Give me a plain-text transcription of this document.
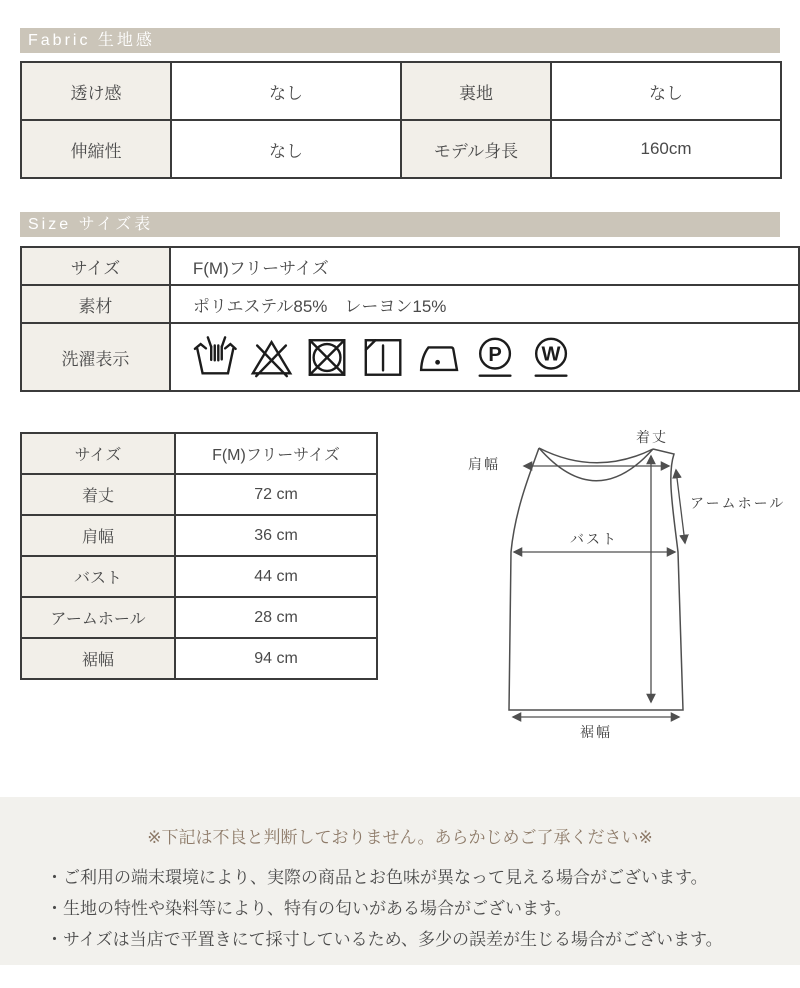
Fabric 生地感
透け感	なし	裏地	なし
伸縮性	なし	モデル身長	160cm
Size サイズ表
サイズ	F(M)フリーサイズ
素材	ポリエステル85%　レーヨン15%
洗濯表示	P W
サイズ	F(M)フリーサイズ
着丈	72 cm
肩幅	36 cm
バスト	44 cm
アームホール	28 cm
裾幅	94 cm
肩幅
着丈
アームホール
バスト
裾幅
※下記は不良と判断しておりません。あらかじめご了承ください※
・ご利用の端末環境により、実際の商品とお色味が異なって見える場合がございます。
・生地の特性や染料等により、特有の匂いがある場合がございます。
・サイズは当店で平置きにて採寸しているため、多少の誤差が生じる場合がございます。
